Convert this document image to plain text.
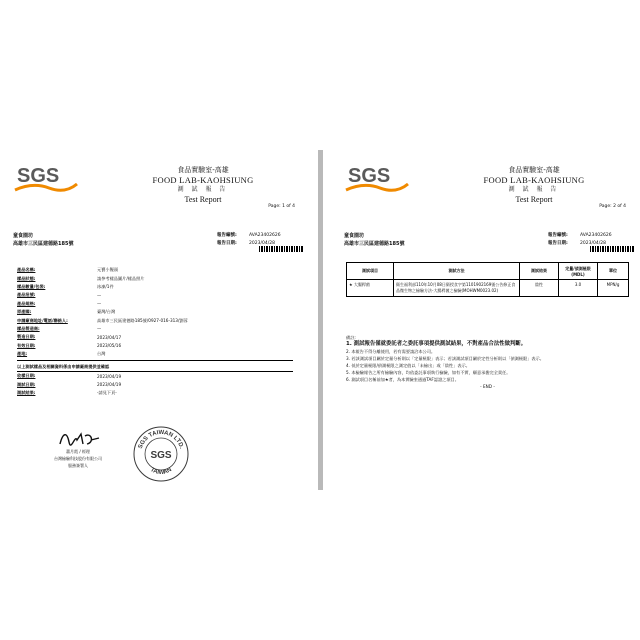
SGS	食品實驗室-高雄
FOOD LAB-KAOHSIUNG
測 試 報 告
Test Report
Page: 1 of 4
童食園坊
高雄市三民區建德路185號
報告編號:	AVA23402626
報告日期:	2023/04/28
產品名稱:	元寶小饅頭
樣品狀態:	請參考樣品圖片/樣品照片
樣品數量/包裝:	冰凍/1件
產品批號:	—
產品規格:	—
原產國:	臺灣/台灣
申請廠商地址/電話/聯絡人:	高雄市三民區建德路185號/0927-016-313/劉蓉
樣品製造商:	—
製造日期:	2023/04/17
有效日期:	2023/05/16
產地:	台灣
以上測試樣品及相關資料係由申請廠商提供並確認
收樣日期:	2023/04/19
測試日期:	2023/04/19
測試結果:	-請見下頁-
蕭月霞 / 經理
台灣檢驗科技股份有限公司
服務簽署人
SGS TAIWAN LTD.
TAIWAN
SGS
SGS	食品實驗室-高雄
FOOD LAB-KAOHSIUNG
測 試 報 告
Test Report
Page: 2 of 4
童食園坊
高雄市三民區建德路185號
報告編號:	AVA23402626
報告日期:	2023/04/28
測試項目	測試方法	測試結果	定量/偵測極限(MDL)	單位
★ 大腸桿菌	衛生福利部110年10月08日衛授食字第1101902169號公告修正食品微生物之檢驗方法-大腸桿菌之檢驗(MOHWM0023.02)	陰性	3.0	MPN/g
備註:
1. 測試報告僅就委託者之委託事項提供測試結果，不對產品合法性做判斷。
2. 本報告不得分離使用，若有需要請洽本公司。
3. 若該測試項目屬於定量分析則以「定量極限」表示；若該測試項目屬於定性分析則以「偵測極限」表示。
4. 低於定量極限/偵測極限之測定值以「未檢出」或「陰性」表示。
5. 本檢驗報告之所有檢驗內容，均依委託事項執行檢驗，如有不實，願意承擔完全責任。
6. 測試項目名稱前加★者，為本實驗室通過TAF認證之項目。
- END -
